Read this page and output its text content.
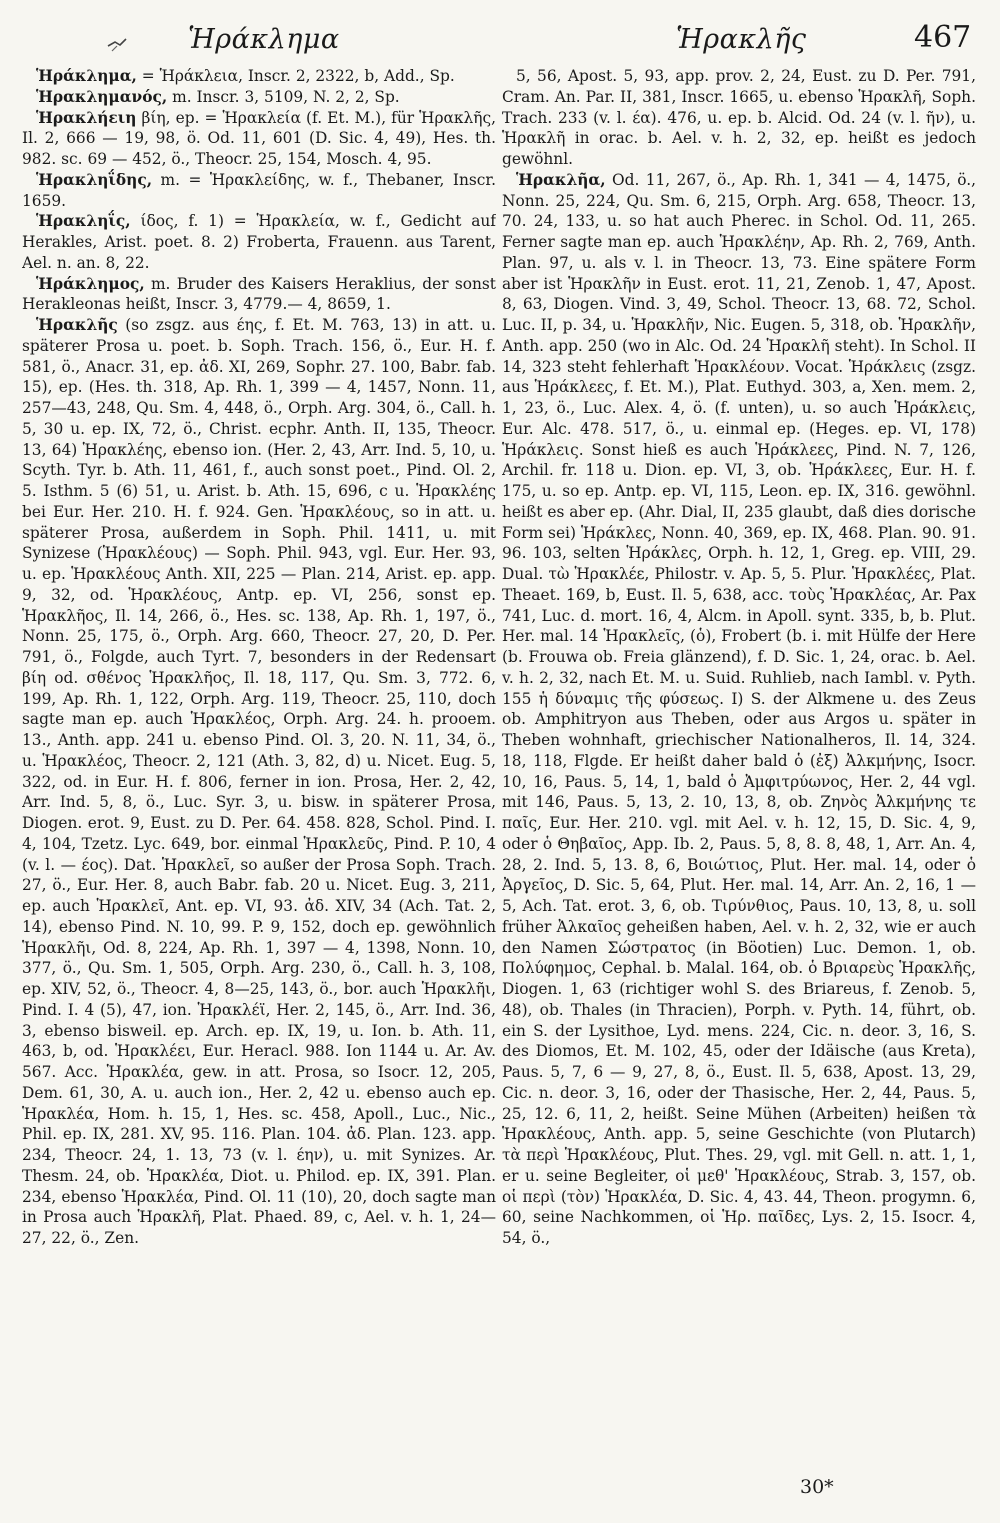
Ἡράκλημα	Ἡρακλῆς	467

Ἡράκλημα, = Ἡράκλεια, Inscr. 2, 2322, b, Add., Sp.

Ἡρακλημανός, m. Inscr. 3, 5109, N. 2, 2, Sp.

Ἡρακλήειη βίη, ep. = Ἡρακλεία (f. Et. M.), für Ἡρακλῆς, Il. 2, 666 — 19, 98, ö. Od. 11, 601 (D. Sic. 4, 49), Hes. th. 982. sc. 69 — 452, ö., Theocr. 25, 154, Mosch. 4, 95.

Ἡρακληΐδης, m. = Ἡρακλείδης, w. f., Thebaner, Inscr. 1659.

Ἡρακληΐς, ίδος, f. 1) = Ἡρακλεία, w. f., Gedicht auf Herakles, Arist. poet. 8. 2) Froberta, Frauenn. aus Tarent, Ael. n. an. 8, 22.

Ἡράκλημος, m. Bruder des Kaisers Heraklius, der sonst Herakleonas heißt, Inscr. 3, 4779.— 4, 8659, 1.

Ἡρακλῆς (so zsgz. aus έης, f. Et. M. 763, 13) in att. u. späterer Prosa u. poet. b. Soph. Trach. 156, ö., Eur. H. f. 581, ö., Anacr. 31, ep. ἀδ. XI, 269, Sophr. 27. 100, Babr. fab. 15), ep. (Hes. th. 318, Ap. Rh. 1, 399 — 4, 1457, Nonn. 11, 257—43, 248, Qu. Sm. 4, 448, ö., Orph. Arg. 304, ö., Call. h. 5, 30 u. ep. IX, 72, ö., Christ. ecphr. Anth. II, 135, Theocr. 13, 64) Ἡρακλέης, ebenso ion. (Her. 2, 43, Arr. Ind. 5, 10, u. Scyth. Tyr. b. Ath. 11, 461, f., auch sonst poet., Pind. Ol. 2, 5. Isthm. 5 (6) 51, u. Arist. b. Ath. 15, 696, c u. Ἡρακλέης bei Eur. Her. 210. H. f. 924. Gen. Ἡρακλέους, so in att. u. späterer Prosa, außerdem in Soph. Phil. 1411, u. mit Synizese (Ἡρακλέους) — Soph. Phil. 943, vgl. Eur. Her. 93, u. ep. Ἡρακλέους Anth. XII, 225 — Plan. 214, Arist. ep. app. 9, 32, od. Ἡρακλέους, Antp. ep. VI, 256, sonst ep. Ἡρακλῆος, Il. 14, 266, ö., Hes. sc. 138, Ap. Rh. 1, 197, ö., Nonn. 25, 175, ö., Orph. Arg. 660, Theocr. 27, 20, D. Per. 791, ö., Folgde, auch Tyrt. 7, besonders in der Redensart βίη od. σθένος Ἡρακλῆος, Il. 18, 117, Qu. Sm. 3, 772. 6, 199, Ap. Rh. 1, 122, Orph. Arg. 119, Theocr. 25, 110, doch sagte man ep. auch Ἡρακλέος, Orph. Arg. 24. h. prooem. 13., Anth. app. 241 u. ebenso Pind. Ol. 3, 20. N. 11, 34, ö., u. Ἡρακλέος, Theocr. 2, 121 (Ath. 3, 82, d) u. Nicet. Eug. 5, 322, od. in Eur. H. f. 806, ferner in ion. Prosa, Her. 2, 42, Arr. Ind. 5, 8, ö., Luc. Syr. 3, u. bisw. in späterer Prosa, Diogen. erot. 9, Eust. zu D. Per. 64. 458. 828, Schol. Pind. I. 4, 104, Tzetz. Lyc. 649, bor. einmal Ἡρακλεῦς, Pind. P. 10, 4 (v. l. — έος). Dat. Ἡρακλεῖ, so außer der Prosa Soph. Trach. 27, ö., Eur. Her. 8, auch Babr. fab. 20 u. Nicet. Eug. 3, 211, ep. auch Ἡρακλεῖ, Ant. ep. VI, 93. ἀδ. XIV, 34 (Ach. Tat. 2, 14), ebenso Pind. N. 10, 99. P. 9, 152, doch ep. gewöhnlich Ἡρακλῆι, Od. 8, 224, Ap. Rh. 1, 397 — 4, 1398, Nonn. 10, 377, ö., Qu. Sm. 1, 505, Orph. Arg. 230, ö., Call. h. 3, 108, ep. XIV, 52, ö., Theocr. 4, 8—25, 143, ö., bor. auch Ἡρακλῆι, Pind. I. 4 (5), 47, ion. Ἡρακλέϊ, Her. 2, 145, ö., Arr. Ind. 36, 3, ebenso bisweil. ep. Arch. ep. IX, 19, u. Ion. b. Ath. 11, 463, b, od. Ἡρακλέει, Eur. Heracl. 988. Ion 1144 u. Ar. Av. 567. Acc. Ἡρακλέα, gew. in att. Prosa, so Isocr. 12, 205, Dem. 61, 30, A. u. auch ion., Her. 2, 42 u. ebenso auch ep. Ἡρακλέα, Hom. h. 15, 1, Hes. sc. 458, Apoll., Luc., Nic., Phil. ep. IX, 281. XV, 95. 116. Plan. 104. ἀδ. Plan. 123. app. 234, Theocr. 24, 1. 13, 73 (v. l. έην), u. mit Synizes. Ar. Thesm. 24, ob. Ἡρακλέα, Diot. u. Philod. ep. IX, 391. Plan. 234, ebenso Ἡρακλέα, Pind. Ol. 11 (10), 20, doch sagte man in Prosa auch Ἡρακλῆ, Plat. Phaed. 89, c, Ael. v. h. 1, 24—27, 22, ö., Zen.

5, 56, Apost. 5, 93, app. prov. 2, 24, Eust. zu D. Per. 791, Cram. An. Par. II, 381, Inscr. 1665, u. ebenso Ἡρακλῆ, Soph. Trach. 233 (v. l. έα). 476, u. ep. b. Alcid. Od. 24 (v. l. ῆν), u. Ἡρακλῆ in orac. b. Ael. v. h. 2, 32, ep. heißt es jedoch gewöhnl.

Ἡρακλῆα, Od. 11, 267, ö., Ap. Rh. 1, 341 — 4, 1475, ö., Nonn. 25, 224, Qu. Sm. 6, 215, Orph. Arg. 658, Theocr. 13, 70. 24, 133, u. so hat auch Pherec. in Schol. Od. 11, 265. Ferner sagte man ep. auch Ἡρακλέην, Ap. Rh. 2, 769, Anth. Plan. 97, u. als v. l. in Theocr. 13, 73. Eine spätere Form aber ist Ἡρακλῆν in Eust. erot. 11, 21, Zenob. 1, 47, Apost. 8, 63, Diogen. Vind. 3, 49, Schol. Theocr. 13, 68. 72, Schol. Luc. II, p. 34, u. Ἡρακλῆν, Nic. Eugen. 5, 318, ob. Ἡρακλῆν, Anth. app. 250 (wo in Alc. Od. 24 Ἡρακλῆ steht). In Schol. II 14, 323 steht fehlerhaft Ἡρακλέουν. Vocat. Ἡράκλεις (zsgz. aus Ἡράκλεες, f. Et. M.), Plat. Euthyd. 303, a, Xen. mem. 2, 1, 23, ö., Luc. Alex. 4, ö. (f. unten), u. so auch Ἡράκλεις, Eur. Alc. 478. 517, ö., u. einmal ep. (Heges. ep. VI, 178) Ἡράκλεις. Sonst hieß es auch Ἡράκλεες, Pind. N. 7, 126, Archil. fr. 118 u. Dion. ep. VI, 3, ob. Ἡράκλεες, Eur. H. f. 175, u. so ep. Antp. ep. VI, 115, Leon. ep. IX, 316. gewöhnl. heißt es aber ep. (Ahr. Dial, II, 235 glaubt, daß dies dorische Form sei) Ἡράκλες, Nonn. 40, 369, ep. IX, 468. Plan. 90. 91. 96. 103, selten Ἡράκλες, Orph. h. 12, 1, Greg. ep. VIII, 29. Dual. τὼ Ἡρακλέε, Philostr. v. Ap. 5, 5. Plur. Ἡρακλέες, Plat. Theaet. 169, b, Eust. Il. 5, 638, acc. τοὺς Ἡρακλέας, Ar. Pax 741, Luc. d. mort. 16, 4, Alcm. in Apoll. synt. 335, b, b. Plut. Her. mal. 14 Ἡρακλεῖς, (ὁ), Frobert (b. i. mit Hülfe der Here (b. Frouwa ob. Freia glänzend), f. D. Sic. 1, 24, orac. b. Ael. v. h. 2, 32, nach Et. M. u. Suid. Ruhlieb, nach Iambl. v. Pyth. 155 ἡ δύναμις τῆς φύσεως. I) S. der Alkmene u. des Zeus ob. Amphitryon aus Theben, oder aus Argos u. später in Theben wohnhaft, griechischer Nationalheros, Il. 14, 324. 18, 118, Flgde. Er heißt daher bald ὁ (ἐξ) Ἀλκμήνης, Isocr. 10, 16, Paus. 5, 14, 1, bald ὁ Ἀμφιτρύωνος, Her. 2, 44 vgl. mit 146, Paus. 5, 13, 2. 10, 13, 8, ob. Ζηνὸς Ἀλκμήνης τε παῖς, Eur. Her. 210. vgl. mit Ael. v. h. 12, 15, D. Sic. 4, 9, oder ὁ Θηβαῖος, App. Ib. 2, Paus. 5, 8, 8. 8, 48, 1, Arr. An. 4, 28, 2. Ind. 5, 13. 8, 6, Βοιώτιος, Plut. Her. mal. 14, oder ὁ Ἀργεῖος, D. Sic. 5, 64, Plut. Her. mal. 14, Arr. An. 2, 16, 1 — 5, Ach. Tat. erot. 3, 6, ob. Τιρύνθιος, Paus. 10, 13, 8, u. soll früher Ἀλκαῖος geheißen haben, Ael. v. h. 2, 32, wie er auch den Namen Σώστρατος (in Böotien) Luc. Demon. 1, ob. Πολύφημος, Cephal. b. Malal. 164, ob. ὁ Βριαρεὺς Ἡρακλῆς, Diogen. 1, 63 (richtiger wohl S. des Briareus, f. Zenob. 5, 48), ob. Thales (in Thracien), Porph. v. Pyth. 14, führt, ob. ein S. der Lysithoe, Lyd. mens. 224, Cic. n. deor. 3, 16, S. des Diomos, Et. M. 102, 45, oder der Idäische (aus Kreta), Paus. 5, 7, 6 — 9, 27, 8, ö., Eust. Il. 5, 638, Apost. 13, 29, Cic. n. deor. 3, 16, oder der Thasische, Her. 2, 44, Paus. 5, 25, 12. 6, 11, 2, heißt. Seine Mühen (Arbeiten) heißen τὰ Ἡρακλέους, Anth. app. 5, seine Geschichte (von Plutarch) τὰ περὶ Ἡρακλέους, Plut. Thes. 29, vgl. mit Gell. n. att. 1, 1, er u. seine Begleiter, οἱ μεθ' Ἡρακλέους, Strab. 3, 157, ob. οἱ περὶ (τὸν) Ἡρακλέα, D. Sic. 4, 43. 44, Theon. progymn. 6, 60, seine Nachkommen, οἱ Ἡρ. παῖδες, Lys. 2, 15. Isocr. 4, 54, ö.,

30*
